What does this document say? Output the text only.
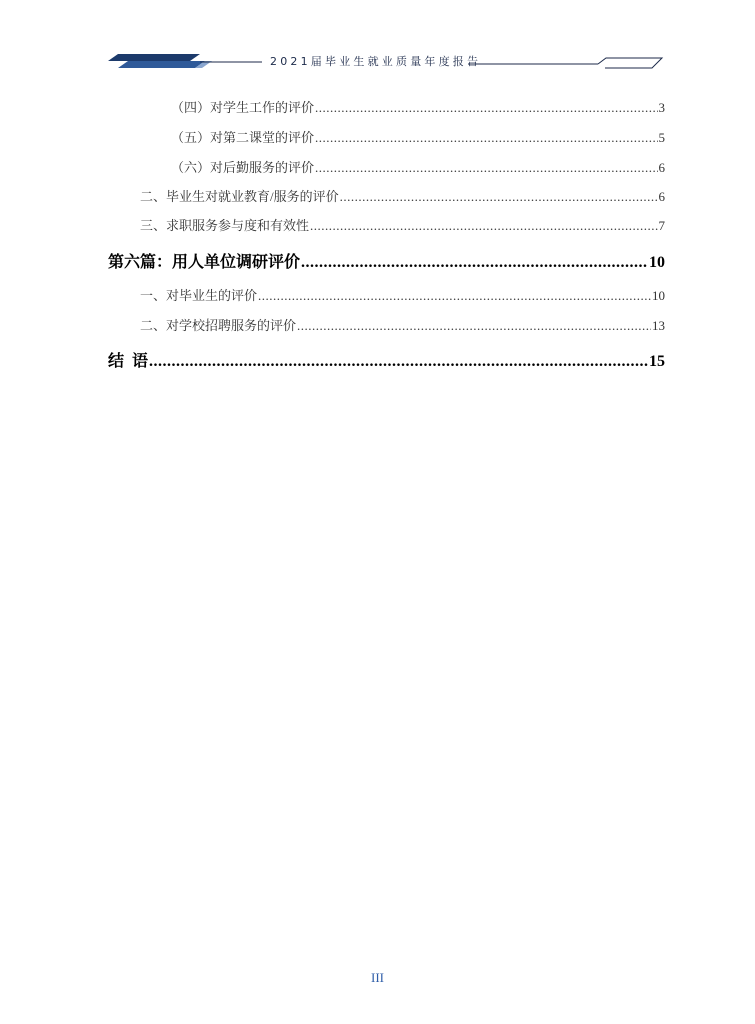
2021届毕业生就业质量年度报告
（四）对学生工作的评价 .....	3
（五）对第二课堂的评价 .....	5
（六）对后勤服务的评价 .....	6
二、毕业生对就业教育/服务的评价 .....	6
三、求职服务参与度和有效性 .....	7
第六篇：用人单位调研评价 .....	10
一、对毕业生的评价 .....	10
二、对学校招聘服务的评价 .....	13
结  语 .....	15
III
